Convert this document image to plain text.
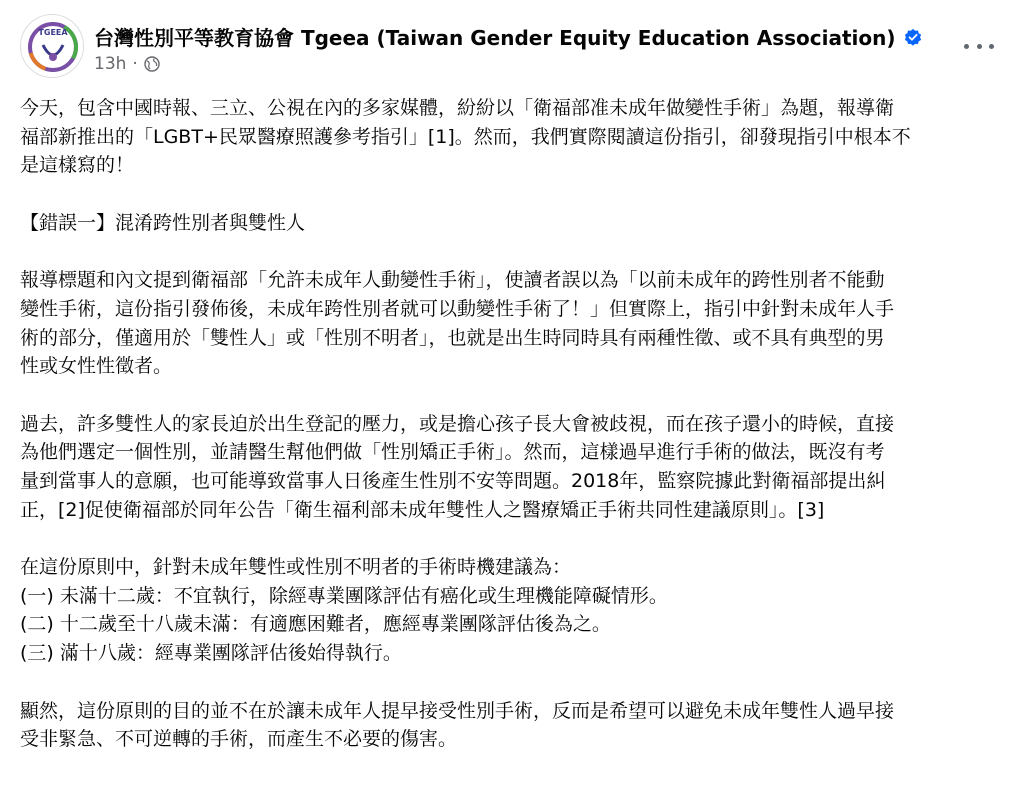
TGEEA 台灣性別平等教育協會 Tgeea (Taiwan Gender Equity Education Association)
13h ·
今天，包含中國時報、三立、公視在內的多家媒體，紛紛以「衛福部准未成年做變性手術」為題，報導衛
福部新推出的「LGBT+民眾醫療照護參考指引」[1]。然而，我們實際閱讀這份指引，卻發現指引中根本不
是這樣寫的！
【錯誤一】混淆跨性別者與雙性人
報導標題和內文提到衛福部「允許未成年人動變性手術」，使讀者誤以為「以前未成年的跨性別者不能動
變性手術，這份指引發佈後，未成年跨性別者就可以動變性手術了！」但實際上，指引中針對未成年人手
術的部分，僅適用於「雙性人」或「性別不明者」，也就是出生時同時具有兩種性徵、或不具有典型的男
性或女性性徵者。
過去，許多雙性人的家長迫於出生登記的壓力，或是擔心孩子長大會被歧視，而在孩子還小的時候，直接
為他們選定一個性別，並請醫生幫他們做「性別矯正手術」。然而，這樣過早進行手術的做法，既沒有考
量到當事人的意願，也可能導致當事人日後產生性別不安等問題。2018年，監察院據此對衛福部提出糾
正，[2]促使衛福部於同年公告「衛生福利部未成年雙性人之醫療矯正手術共同性建議原則」。[3]
在這份原則中，針對未成年雙性或性別不明者的手術時機建議為：
(一) 未滿十二歲：不宜執行，除經專業團隊評估有癌化或生理機能障礙情形。
(二) 十二歲至十八歲未滿：有適應困難者，應經專業團隊評估後為之。
(三) 滿十八歲：經專業團隊評估後始得執行。
顯然，這份原則的目的並不在於讓未成年人提早接受性別手術，反而是希望可以避免未成年雙性人過早接
受非緊急、不可逆轉的手術，而產生不必要的傷害。
